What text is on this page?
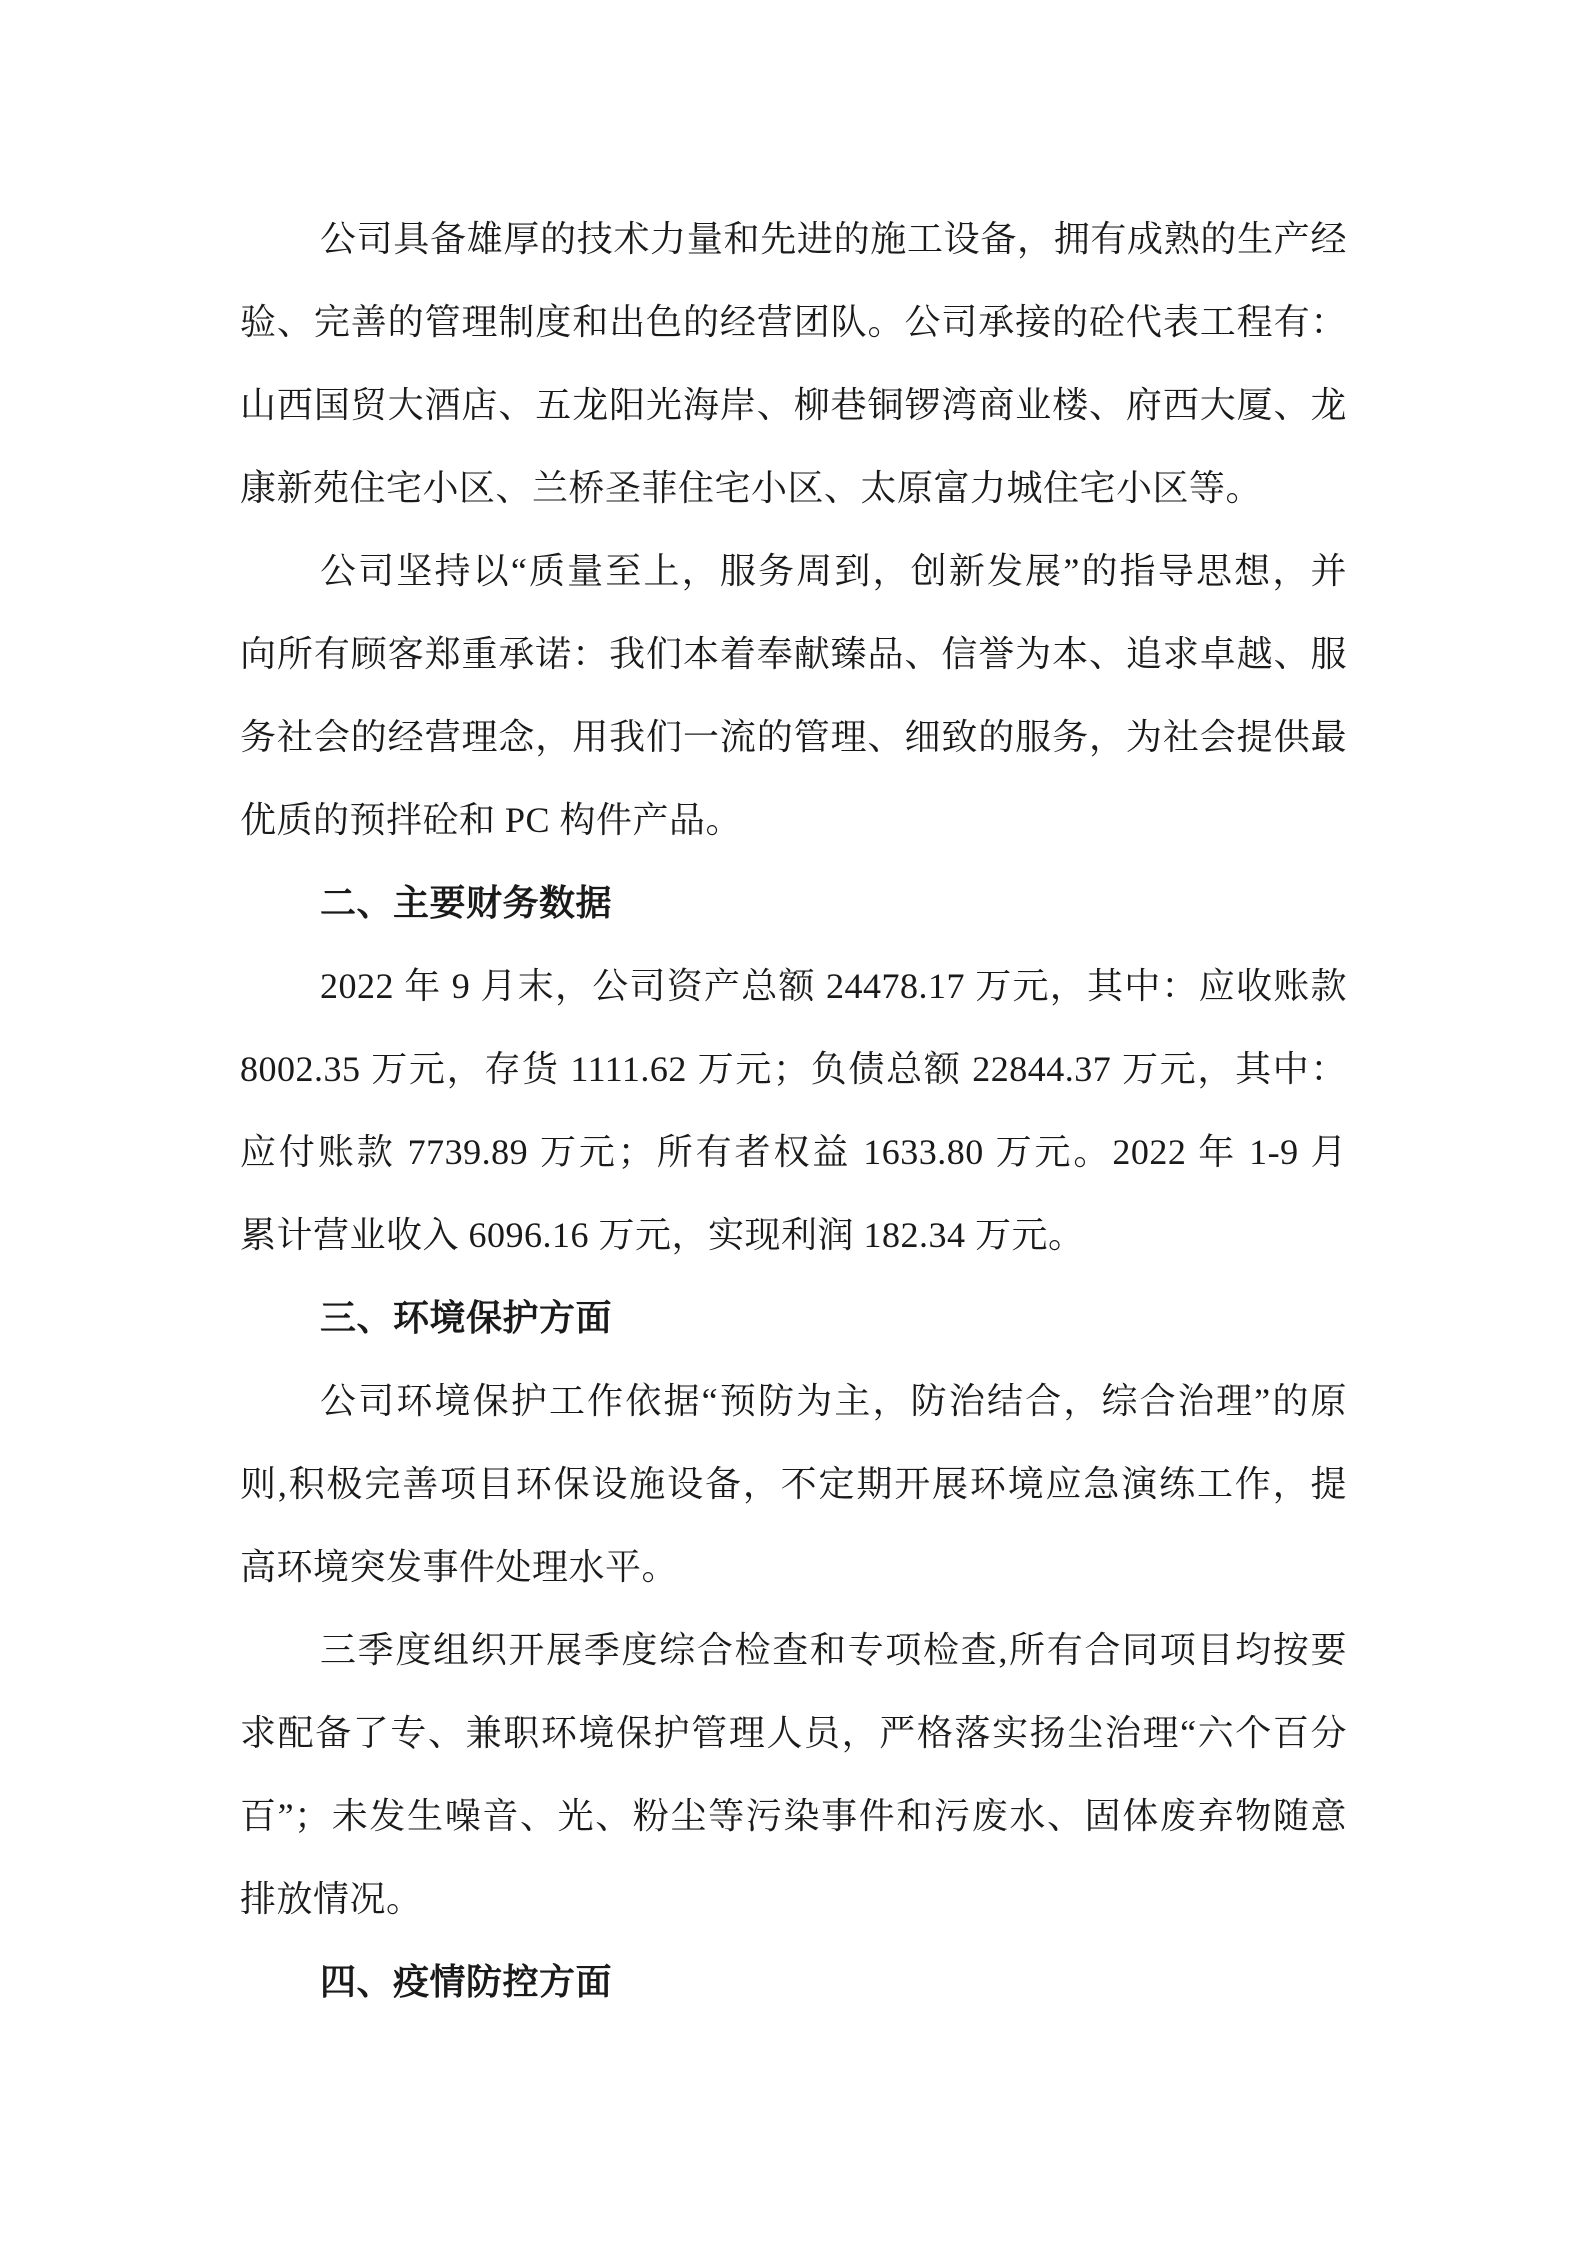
公司具备雄厚的技术力量和先进的施工设备，拥有成熟的生产经
验、完善的管理制度和出色的经营团队。公司承接的砼代表工程有：
山西国贸大酒店、五龙阳光海岸、柳巷铜锣湾商业楼、府西大厦、龙
康新苑住宅小区、兰桥圣菲住宅小区、太原富力城住宅小区等。
公司坚持以“质量至上，服务周到，创新发展”的指导思想，并
向所有顾客郑重承诺：我们本着奉献臻品、信誉为本、追求卓越、服
务社会的经营理念，用我们一流的管理、细致的服务，为社会提供最
优质的预拌砼和 PC 构件产品。
二、主要财务数据
2022 年 9 月末，公司资产总额 24478.17 万元，其中：应收账款
8002.35 万元，存货 1111.62 万元；负债总额 22844.37 万元，其中：
应付账款 7739.89 万元；所有者权益 1633.80 万元。2022 年 1-9 月
累计营业收入 6096.16 万元，实现利润 182.34 万元。
三、环境保护方面
公司环境保护工作依据“预防为主，防治结合，综合治理”的原
则,积极完善项目环保设施设备，不定期开展环境应急演练工作，提
高环境突发事件处理水平。
三季度组织开展季度综合检查和专项检查,所有合同项目均按要
求配备了专、兼职环境保护管理人员，严格落实扬尘治理“六个百分
百”；未发生噪音、光、粉尘等污染事件和污废水、固体废弃物随意
排放情况。
四、疫情防控方面
